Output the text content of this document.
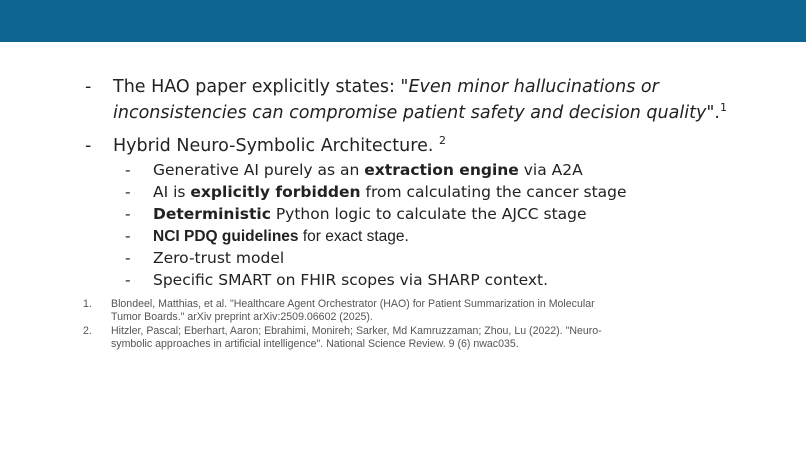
- The HAO paper explicitly states: "Even minor hallucinations or inconsistencies can compromise patient safety and decision quality".$^1$
- Hybrid Neuro-Symbolic Architecture. $^2$
- Generative AI purely as an extraction engine via A2A
- AI is explicitly forbidden from calculating the cancer stage
- Deterministic Python logic to calculate the AJCC stage
- NCI PDQ guidelines for exact stage.
- Zero-trust model
- Specific SMART on FHIR scopes via SHARP context.
1. Blondeel, Matthias, et al. "Healthcare Agent Orchestrator (HAO) for Patient Summarization in Molecular Tumor Boards." arXiv preprint arXiv:2509.06602 (2025).
2. Hitzler, Pascal; Eberhart, Aaron; Ebrahimi, Monireh; Sarker, Md Kamruzzaman; Zhou, Lu (2022). "Neuro-symbolic approaches in artificial intelligence". National Science Review. 9 (6) nwac035.
